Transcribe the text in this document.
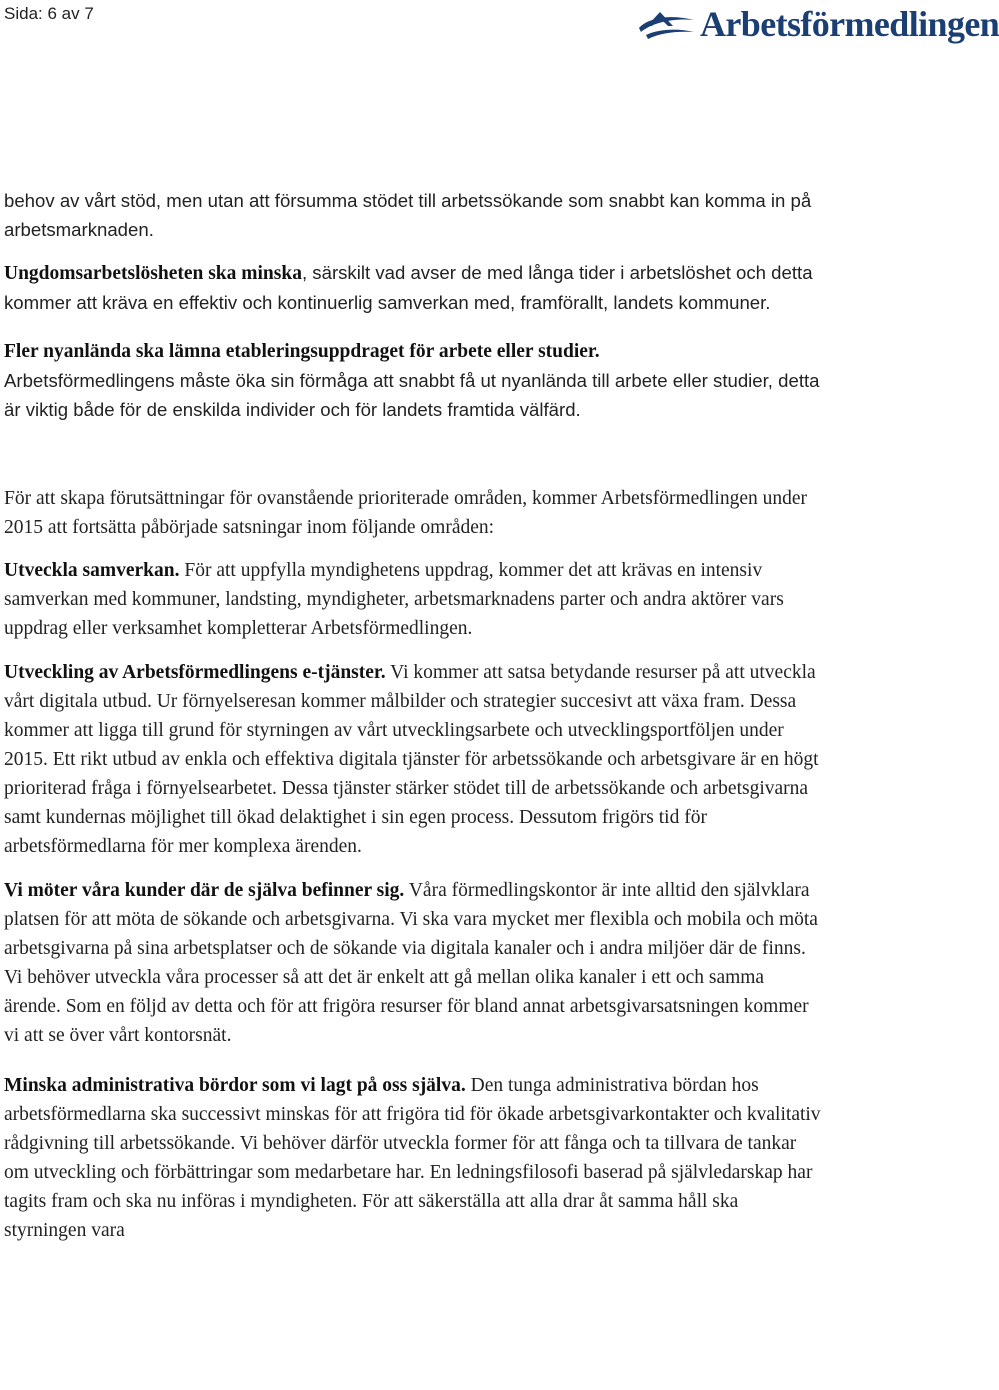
Sida: 6 av 7	Arbetsförmedlingen

behov av vårt stöd, men utan att försumma stödet till arbetssökande som snabbt kan komma in på arbetsmarknaden.

Ungdomsarbetslösheten ska minska, särskilt vad avser de med långa tider i arbetslöshet och detta kommer att kräva en effektiv och kontinuerlig samverkan med, framförallt, landets kommuner.

Fler nyanlända ska lämna etableringsuppdraget för arbete eller studier.
Arbetsförmedlingens måste öka sin förmåga att snabbt få ut nyanlända till arbete eller studier, detta är viktig både för de enskilda individer och för landets framtida välfärd.

För att skapa förutsättningar för ovanstående prioriterade områden, kommer Arbetsförmedlingen under 2015 att fortsätta påbörjade satsningar inom följande områden:

Utveckla samverkan. För att uppfylla myndighetens uppdrag, kommer det att krävas en intensiv samverkan med kommuner, landsting, myndigheter, arbetsmarknadens parter och andra aktörer vars uppdrag eller verksamhet kompletterar Arbetsförmedlingen.

Utveckling av Arbetsförmedlingens e-tjänster. Vi kommer att satsa betydande resurser på att utveckla vårt digitala utbud. Ur förnyelseresan kommer målbilder och strategier succesivt att växa fram. Dessa kommer att ligga till grund för styrningen av vårt utvecklingsarbete och utvecklingsportföljen under 2015. Ett rikt utbud av enkla och effektiva digitala tjänster för arbetssökande och arbetsgivare är en högt prioriterad fråga i förnyelsearbetet. Dessa tjänster stärker stödet till de arbetssökande och arbetsgivarna samt kundernas möjlighet till ökad delaktighet i sin egen process. Dessutom frigörs tid för arbetsförmedlarna för mer komplexa ärenden.

Vi möter våra kunder där de själva befinner sig. Våra förmedlingskontor är inte alltid den självklara platsen för att möta de sökande och arbetsgivarna. Vi ska vara mycket mer flexibla och mobila och möta arbetsgivarna på sina arbetsplatser och de sökande via digitala kanaler och i andra miljöer där de finns. Vi behöver utveckla våra processer så att det är enkelt att gå mellan olika kanaler i ett och samma ärende. Som en följd av detta och för att frigöra resurser för bland annat arbetsgivarsatsningen kommer vi att se över vårt kontorsnät.

Minska administrativa bördor som vi lagt på oss själva. Den tunga administrativa bördan hos arbetsförmedlarna ska successivt minskas för att frigöra tid för ökade arbetsgivarkontakter och kvalitativ rådgivning till arbetssökande. Vi behöver därför utveckla former för att fånga och ta tillvara de tankar om utveckling och förbättringar som medarbetare har. En ledningsfilosofi baserad på självledarskap har tagits fram och ska nu införas i myndigheten. För att säkerställa att alla drar åt samma håll ska styrningen vara
